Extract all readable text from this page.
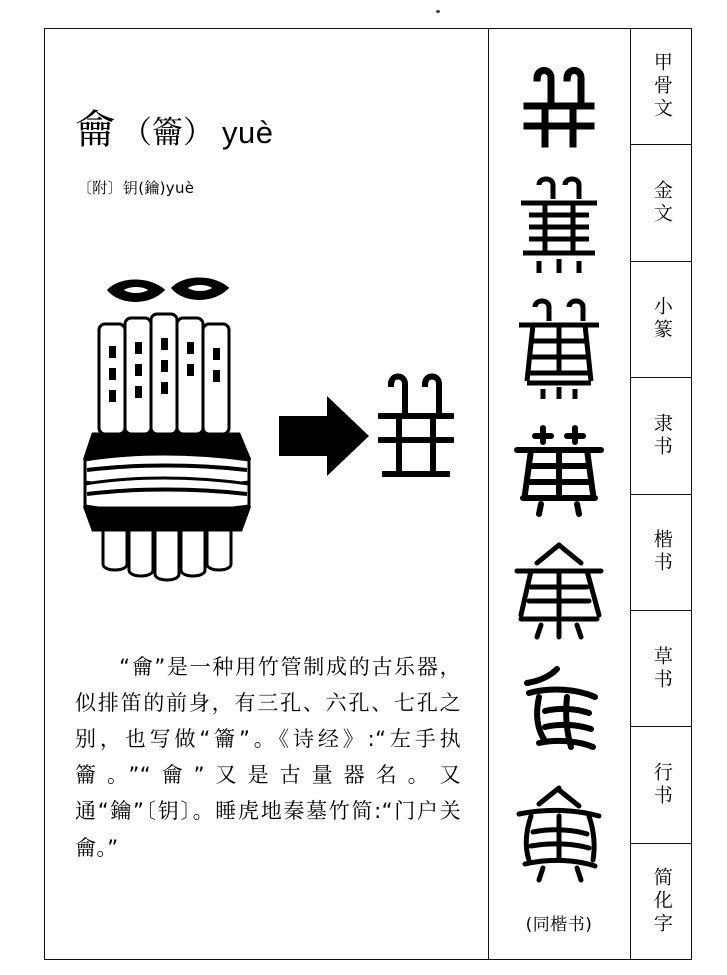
龠 （籥） yuè
〔附〕钥(鑰)yuè
“龠”是一种用竹管制成的古乐器，似排笛的前身，有三孔、六孔、七孔之别，也写做“籥”。《诗经》:“左手执籥。”“龠”又是古量器名。又通“鑰”〔钥〕。睡虎地秦墓竹简:“门户关龠。”
(同楷书)
甲骨文
金文
小篆
隶书
楷书
草书
行书
简化字
